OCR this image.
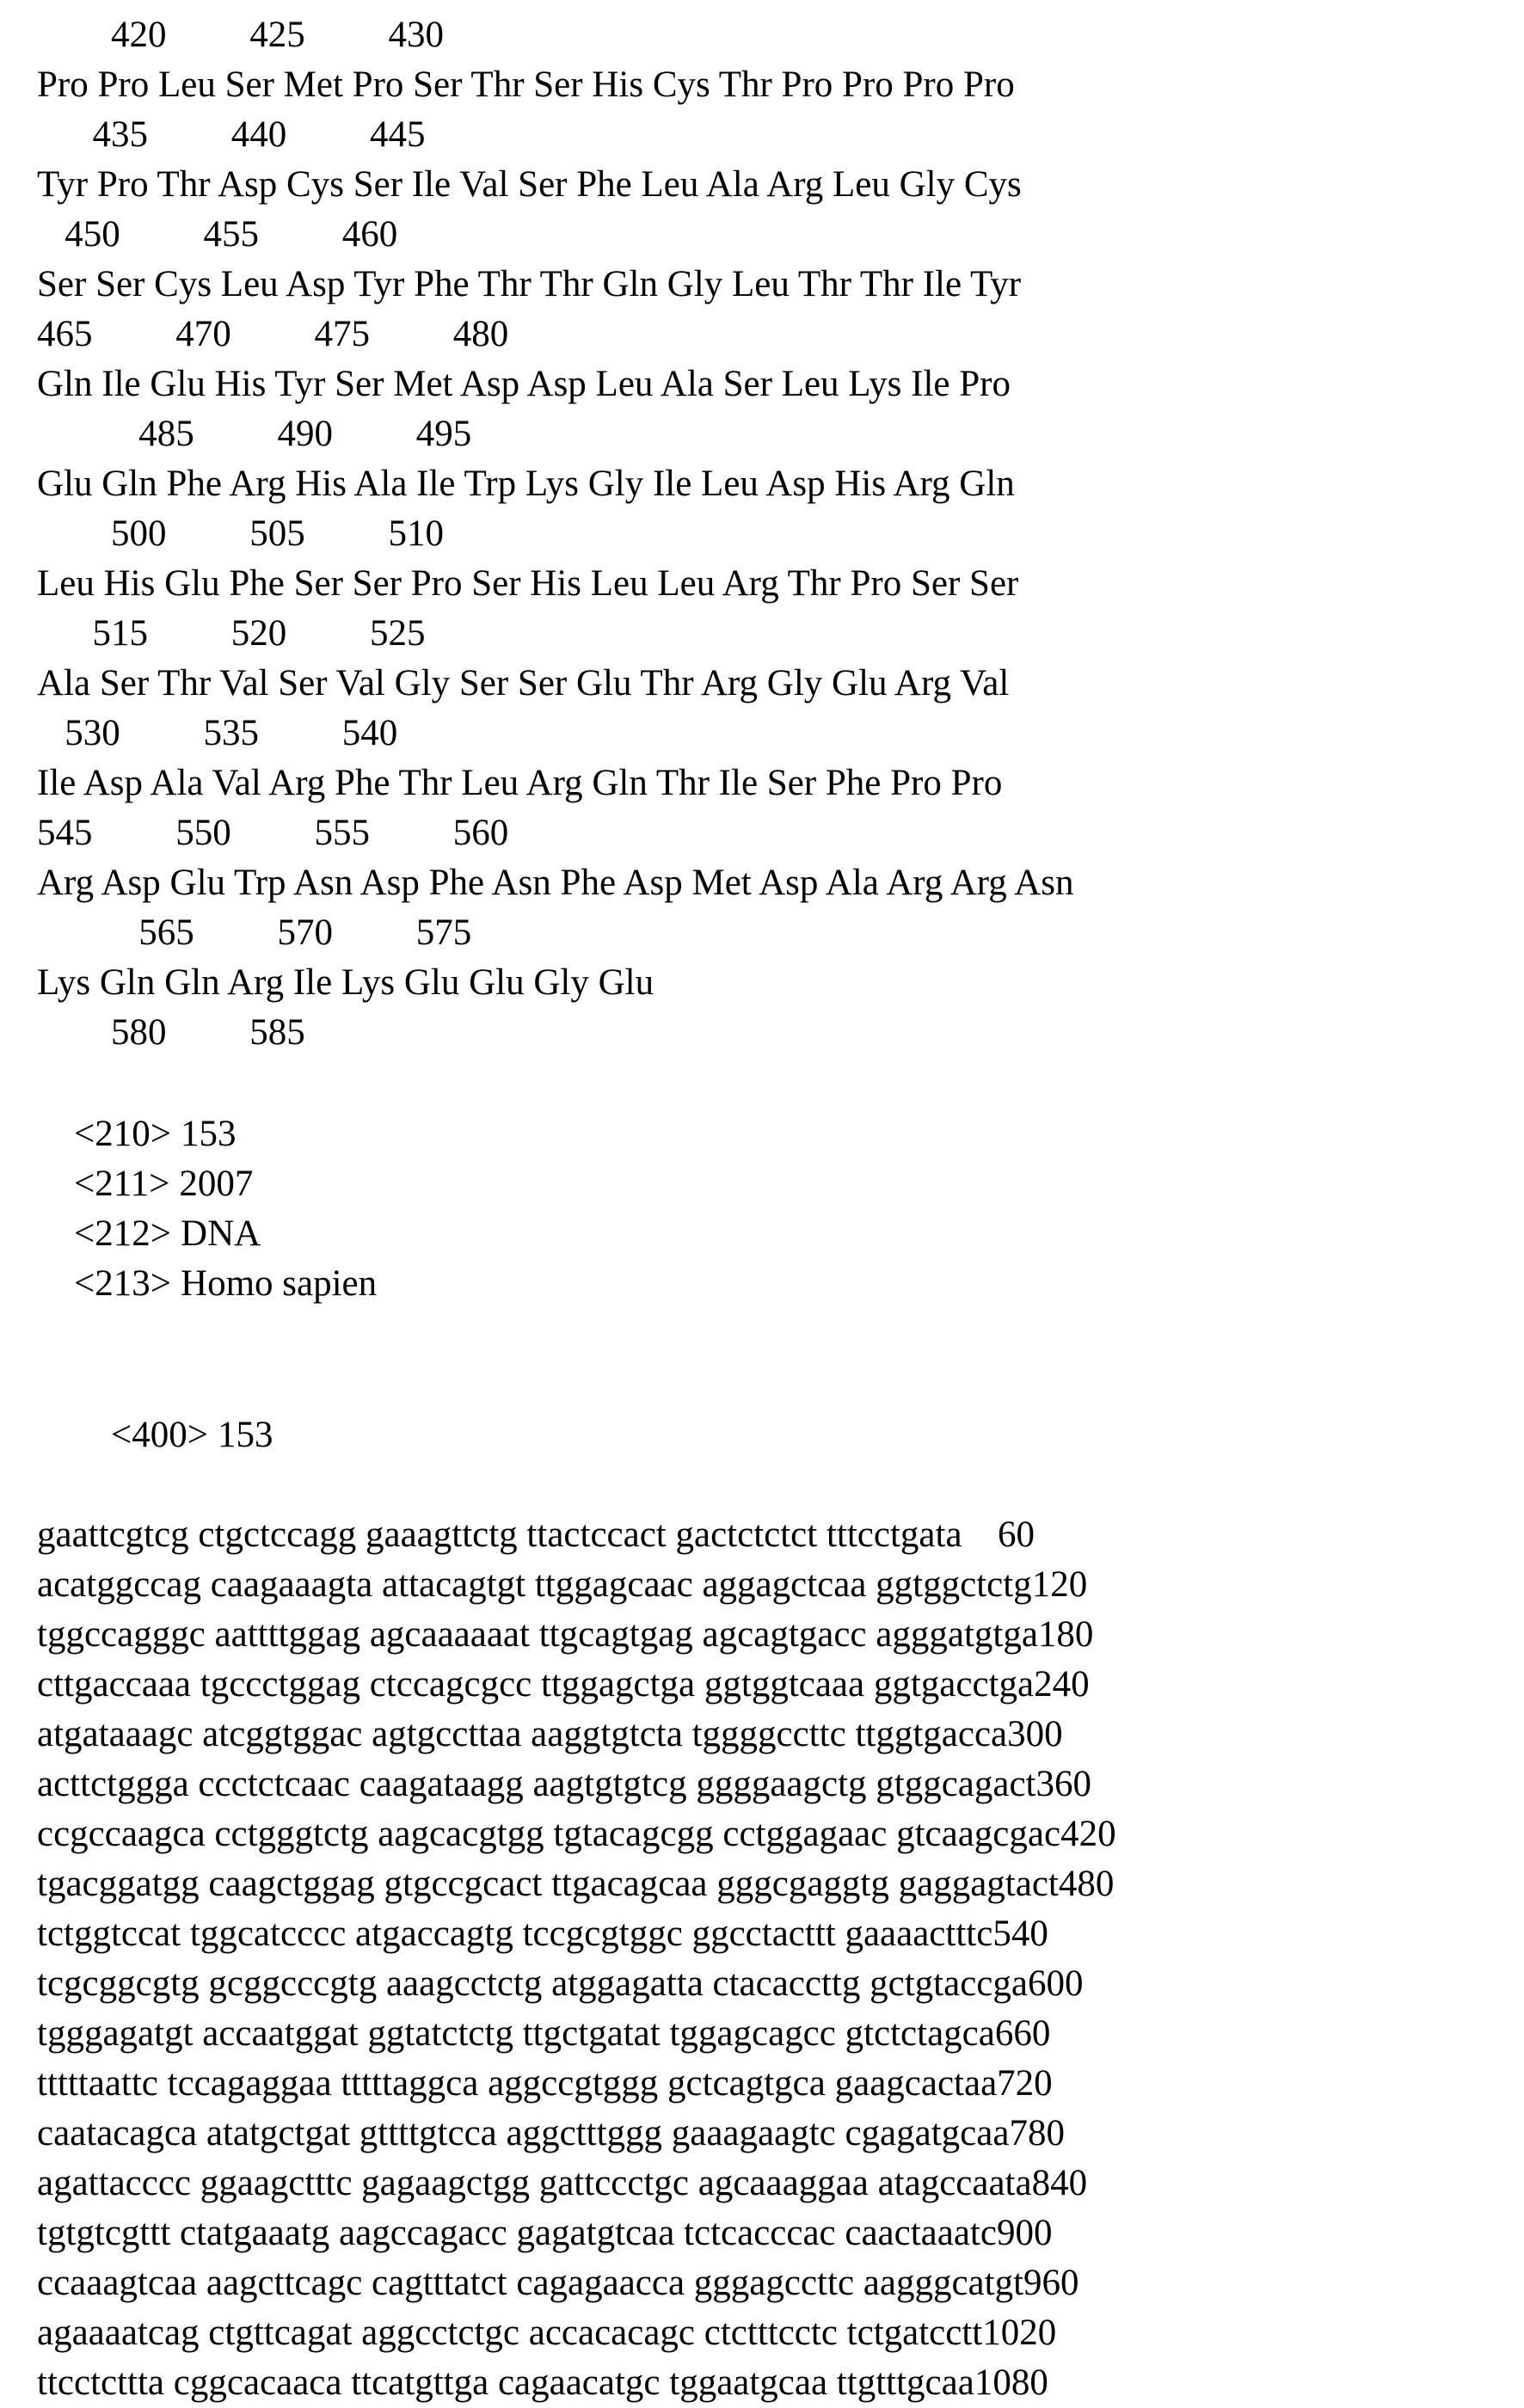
420         425         430
Pro Pro Leu Ser Met Pro Ser Thr Ser His Cys Thr Pro Pro Pro Pro
435         440         445
Tyr Pro Thr Asp Cys Ser Ile Val Ser Phe Leu Ala Arg Leu Gly Cys
450         455         460
Ser Ser Cys Leu Asp Tyr Phe Thr Thr Gln Gly Leu Thr Thr Ile Tyr
465         470         475         480
Gln Ile Glu His Tyr Ser Met Asp Asp Leu Ala Ser Leu Lys Ile Pro
485         490         495
Glu Gln Phe Arg His Ala Ile Trp Lys Gly Ile Leu Asp His Arg Gln
500         505         510
Leu His Glu Phe Ser Ser Pro Ser His Leu Leu Arg Thr Pro Ser Ser
515         520         525
Ala Ser Thr Val Ser Val Gly Ser Ser Glu Thr Arg Gly Glu Arg Val
530         535         540
Ile Asp Ala Val Arg Phe Thr Leu Arg Gln Thr Ile Ser Phe Pro Pro
545         550         555         560
Arg Asp Glu Trp Asn Asp Phe Asn Phe Asp Met Asp Ala Arg Arg Asn
565         570         575
Lys Gln Gln Arg Ile Lys Glu Glu Gly Glu
580         585
<210> 153
<211> 2007
<212> DNA
<213> Homo sapien

<400> 153

gaattcgtcg ctgctccagg gaaagttctg ttactccact gactctctct tttcctgata 60
acatggccag caagaaagta attacagtgt ttggagcaac aggagctcaa ggtggctctg 120
tggccagggc aattttggag agcaaaaaat ttgcagtgag agcagtgacc agggatgtga 180
cttgaccaaa tgccctggag ctccagcgcc ttggagctga ggtggtcaaa ggtgacctga 240
atgataaagc atcggtggac agtgccttaa aaggtgtcta tggggccttc ttggtgacca 300
acttctggga ccctctcaac caagataagg aagtgtgtcg ggggaagctg gtggcagact 360
ccgccaagca cctgggtctg aagcacgtgg tgtacagcgg cctggagaac gtcaagcgac 420
tgacggatgg caagctggag gtgccgcact ttgacagcaa gggcgaggtg gaggagtact 480
tctggtccat tggcatcccc atgaccagtg tccgcgtggc ggcctacttt gaaaactttc 540
tcgcggcgtg gcggcccgtg aaagcctctg atggagatta ctacaccttg gctgtaccga 600
tgggagatgt accaatggat ggtatctctg ttgctgatat tggagcagcc gtctctagca 660
tttttaattc tccagaggaa tttttaggca aggccgtggg gctcagtgca gaagcactaa 720
caatacagca atatgctgat gttttgtcca aggctttggg gaaagaagtc cgagatgcaa 780
agattacccc ggaagctttc gagaagctgg gattccctgc agcaaaggaa atagccaata 840
tgtgtcgttt ctatgaaatg aagccagacc gagatgtcaa tctcacccac caactaaatc 900
ccaaagtcaa aagcttcagc cagtttatct cagagaacca gggagccttc aagggcatgt 960
agaaaatcag ctgttcagat aggcctctgc accacacagc ctctttcctc tctgatcctt 1020
ttcctcttta cggcacaaca ttcatgttga cagaacatgc tggaatgcaa ttgtttgcaa 1080
